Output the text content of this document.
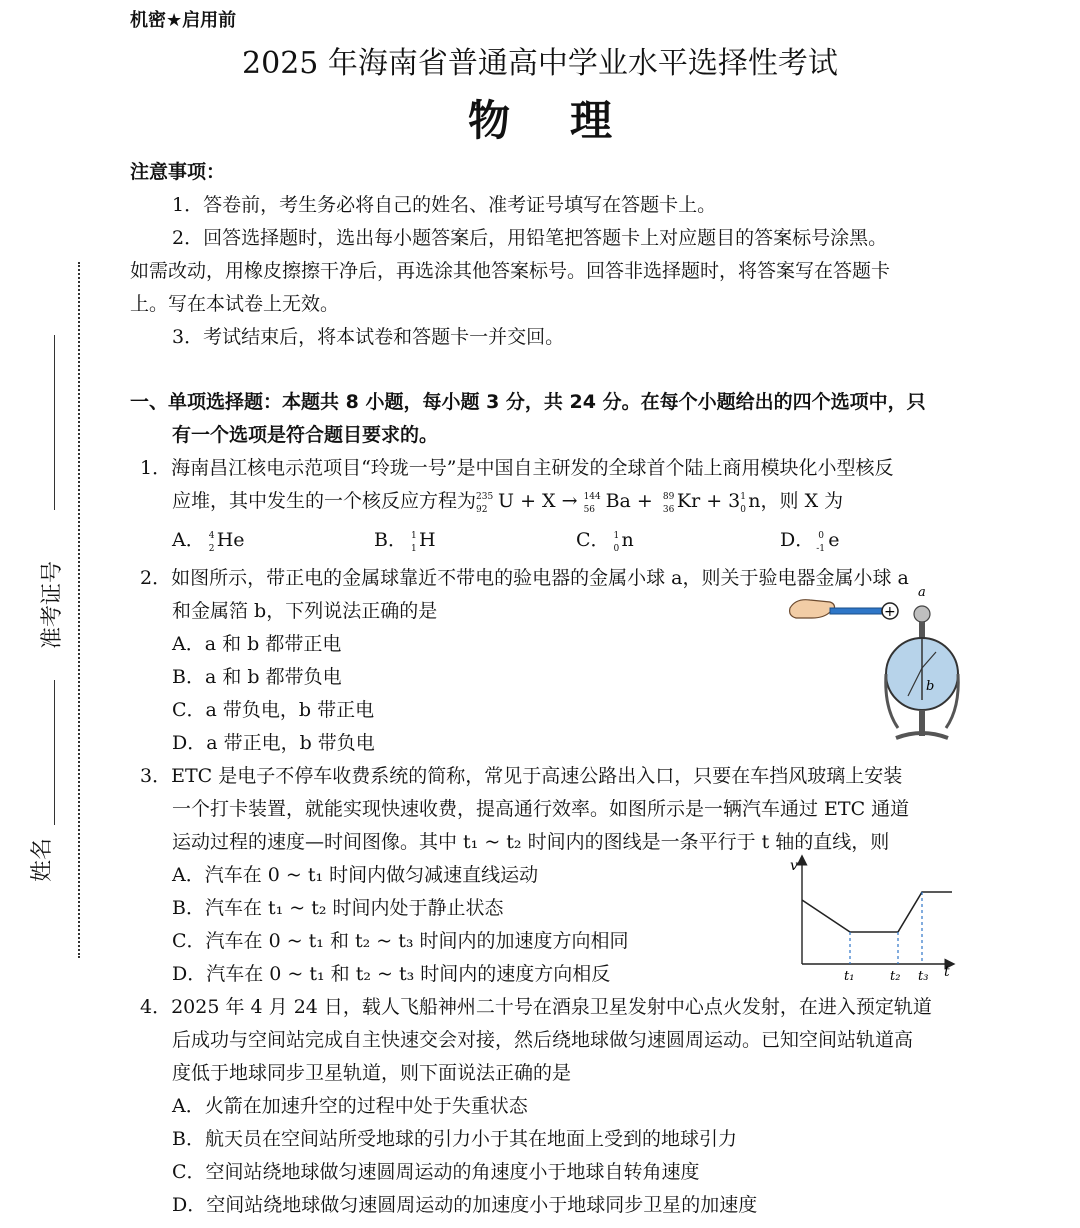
机密★启用前
2025 年海南省普通高中学业水平选择性考试
物理
准考证号
姓名
注意事项：
1．答卷前，考生务必将自己的姓名、准考证号填写在答题卡上。
2．回答选择题时，选出每小题答案后，用铅笔把答题卡上对应题目的答案标号涂黑。
如需改动，用橡皮擦擦干净后，再选涂其他答案标号。回答非选择题时，将答案写在答题卡
上。写在本试卷上无效。
3．考试结束后，将本试卷和答题卡一并交回。
一、单项选择题：本题共 8 小题，每小题 3 分，共 24 分。在每个小题给出的四个选项中，只
有一个选项是符合题目要求的。
1．海南昌江核电示范项目“玲珑一号”是中国自主研发的全球首个陆上商用模块化小型核反
应堆，其中发生的一个核反应方程为 235
92 U + X → 144
56 Ba + 89
36 Kr + 3 1
0 n，则 X 为
A． 4
2 He	B． 1
1 H	C． 1
0 n	D． 0
-1 e
2．如图所示，带正电的金属球靠近不带电的验电器的金属小球 a，则关于验电器金属小球 a
和金属箔 b，下列说法正确的是
A．a 和 b 都带正电
B．a 和 b 都带负电
C．a 带负电，b 带正电
D．a 带正电，b 带负电
+
a
b
3．ETC 是电子不停车收费系统的简称，常见于高速公路出入口，只要在车挡风玻璃上安装
一个打卡装置，就能实现快速收费，提高通行效率。如图所示是一辆汽车通过 ETC 通道
运动过程的速度—时间图像。其中 t₁ ~ t₂ 时间内的图线是一条平行于 t 轴的直线，则
A．汽车在 0 ~ t₁ 时间内做匀减速直线运动
B．汽车在 t₁ ~ t₂ 时间内处于静止状态
C．汽车在 0 ~ t₁ 和 t₂ ~ t₃ 时间内的加速度方向相同
D．汽车在 0 ~ t₁ 和 t₂ ~ t₃ 时间内的速度方向相反
v
t
t₁	t₂ t₃
4．2025 年 4 月 24 日，载人飞船神州二十号在酒泉卫星发射中心点火发射，在进入预定轨道
后成功与空间站完成自主快速交会对接，然后绕地球做匀速圆周运动。已知空间站轨道高
度低于地球同步卫星轨道，则下面说法正确的是
A．火箭在加速升空的过程中处于失重状态
B．航天员在空间站所受地球的引力小于其在地面上受到的地球引力
C．空间站绕地球做匀速圆周运动的角速度小于地球自转角速度
D．空间站绕地球做匀速圆周运动的加速度小于地球同步卫星的加速度
